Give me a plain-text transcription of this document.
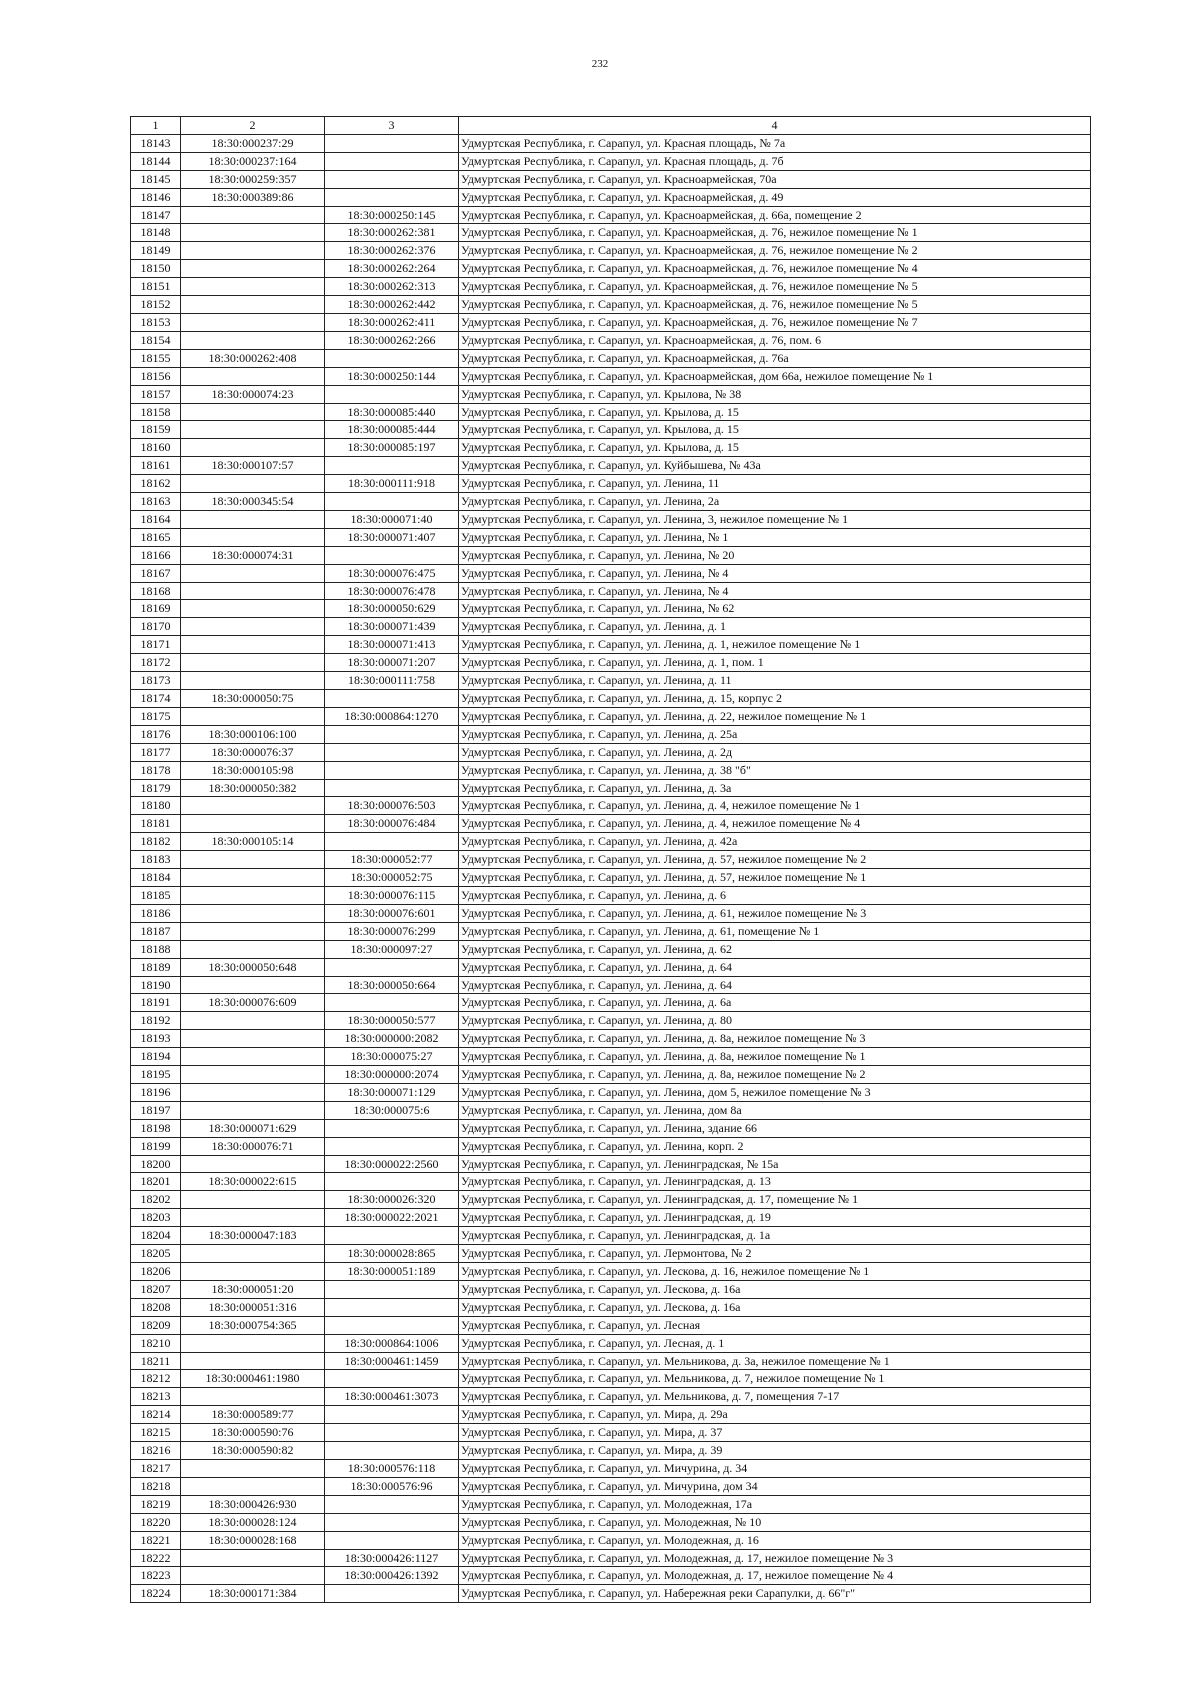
232
1	2	3	4
18143	18:30:000237:29		Удмуртская Республика, г. Сарапул, ул. Красная площадь, № 7а
18144	18:30:000237:164		Удмуртская Республика, г. Сарапул, ул. Красная площадь, д. 7б
18145	18:30:000259:357		Удмуртская Республика, г. Сарапул, ул. Красноармейская, 70а
18146	18:30:000389:86		Удмуртская Республика, г. Сарапул, ул. Красноармейская, д. 49
18147		18:30:000250:145	Удмуртская Республика, г. Сарапул, ул. Красноармейская, д. 66а, помещение 2
18148		18:30:000262:381	Удмуртская Республика, г. Сарапул, ул. Красноармейская, д. 76, нежилое помещение № 1
18149		18:30:000262:376	Удмуртская Республика, г. Сарапул, ул. Красноармейская, д. 76, нежилое помещение № 2
18150		18:30:000262:264	Удмуртская Республика, г. Сарапул, ул. Красноармейская, д. 76, нежилое помещение № 4
18151		18:30:000262:313	Удмуртская Республика, г. Сарапул, ул. Красноармейская, д. 76, нежилое помещение № 5
18152		18:30:000262:442	Удмуртская Республика, г. Сарапул, ул. Красноармейская, д. 76, нежилое помещение № 5
18153		18:30:000262:411	Удмуртская Республика, г. Сарапул, ул. Красноармейская, д. 76, нежилое помещение № 7
18154		18:30:000262:266	Удмуртская Республика, г. Сарапул, ул. Красноармейская, д. 76, пом. 6
18155	18:30:000262:408		Удмуртская Республика, г. Сарапул, ул. Красноармейская, д. 76а
18156		18:30:000250:144	Удмуртская Республика, г. Сарапул, ул. Красноармейская, дом 66а, нежилое помещение № 1
18157	18:30:000074:23		Удмуртская Республика, г. Сарапул, ул. Крылова, № 38
18158		18:30:000085:440	Удмуртская Республика, г. Сарапул, ул. Крылова, д. 15
18159		18:30:000085:444	Удмуртская Республика, г. Сарапул, ул. Крылова, д. 15
18160		18:30:000085:197	Удмуртская Республика, г. Сарапул, ул. Крылова, д. 15
18161	18:30:000107:57		Удмуртская Республика, г. Сарапул, ул. Куйбышева, № 43а
18162		18:30:000111:918	Удмуртская Республика, г. Сарапул, ул. Ленина, 11
18163	18:30:000345:54		Удмуртская Республика, г. Сарапул, ул. Ленина, 2а
18164		18:30:000071:40	Удмуртская Республика, г. Сарапул, ул. Ленина, 3, нежилое помещение № 1
18165		18:30:000071:407	Удмуртская Республика, г. Сарапул, ул. Ленина, № 1
18166	18:30:000074:31		Удмуртская Республика, г. Сарапул, ул. Ленина, № 20
18167		18:30:000076:475	Удмуртская Республика, г. Сарапул, ул. Ленина, № 4
18168		18:30:000076:478	Удмуртская Республика, г. Сарапул, ул. Ленина, № 4
18169		18:30:000050:629	Удмуртская Республика, г. Сарапул, ул. Ленина, № 62
18170		18:30:000071:439	Удмуртская Республика, г. Сарапул, ул. Ленина, д. 1
18171		18:30:000071:413	Удмуртская Республика, г. Сарапул, ул. Ленина, д. 1, нежилое помещение № 1
18172		18:30:000071:207	Удмуртская Республика, г. Сарапул, ул. Ленина, д. 1, пом. 1
18173		18:30:000111:758	Удмуртская Республика, г. Сарапул, ул. Ленина, д. 11
18174	18:30:000050:75		Удмуртская Республика, г. Сарапул, ул. Ленина, д. 15, корпус 2
18175		18:30:000864:1270	Удмуртская Республика, г. Сарапул, ул. Ленина, д. 22, нежилое помещение № 1
18176	18:30:000106:100		Удмуртская Республика, г. Сарапул, ул. Ленина, д. 25а
18177	18:30:000076:37		Удмуртская Республика, г. Сарапул, ул. Ленина, д. 2д
18178	18:30:000105:98		Удмуртская Республика, г. Сарапул, ул. Ленина, д. 38 "б"
18179	18:30:000050:382		Удмуртская Республика, г. Сарапул, ул. Ленина, д. 3а
18180		18:30:000076:503	Удмуртская Республика, г. Сарапул, ул. Ленина, д. 4, нежилое помещение № 1
18181		18:30:000076:484	Удмуртская Республика, г. Сарапул, ул. Ленина, д. 4, нежилое помещение № 4
18182	18:30:000105:14		Удмуртская Республика, г. Сарапул, ул. Ленина, д. 42а
18183		18:30:000052:77	Удмуртская Республика, г. Сарапул, ул. Ленина, д. 57, нежилое помещение № 2
18184		18:30:000052:75	Удмуртская Республика, г. Сарапул, ул. Ленина, д. 57, нежилое помещение № 1
18185		18:30:000076:115	Удмуртская Республика, г. Сарапул, ул. Ленина, д. 6
18186		18:30:000076:601	Удмуртская Республика, г. Сарапул, ул. Ленина, д. 61, нежилое помещение № 3
18187		18:30:000076:299	Удмуртская Республика, г. Сарапул, ул. Ленина, д. 61, помещение № 1
18188		18:30:000097:27	Удмуртская Республика, г. Сарапул, ул. Ленина, д. 62
18189	18:30:000050:648		Удмуртская Республика, г. Сарапул, ул. Ленина, д. 64
18190		18:30:000050:664	Удмуртская Республика, г. Сарапул, ул. Ленина, д. 64
18191	18:30:000076:609		Удмуртская Республика, г. Сарапул, ул. Ленина, д. 6а
18192		18:30:000050:577	Удмуртская Республика, г. Сарапул, ул. Ленина, д. 80
18193		18:30:000000:2082	Удмуртская Республика, г. Сарапул, ул. Ленина, д. 8а, нежилое помещение № 3
18194		18:30:000075:27	Удмуртская Республика, г. Сарапул, ул. Ленина, д. 8а, нежилое помещение № 1
18195		18:30:000000:2074	Удмуртская Республика, г. Сарапул, ул. Ленина, д. 8а, нежилое помещение № 2
18196		18:30:000071:129	Удмуртская Республика, г. Сарапул, ул. Ленина, дом 5, нежилое помещение № 3
18197		18:30:000075:6	Удмуртская Республика, г. Сарапул, ул. Ленина, дом 8а
18198	18:30:000071:629		Удмуртская Республика, г. Сарапул, ул. Ленина, здание 66
18199	18:30:000076:71		Удмуртская Республика, г. Сарапул, ул. Ленина, корп. 2
18200		18:30:000022:2560	Удмуртская Республика, г. Сарапул, ул. Ленинградская, № 15а
18201	18:30:000022:615		Удмуртская Республика, г. Сарапул, ул. Ленинградская, д. 13
18202		18:30:000026:320	Удмуртская Республика, г. Сарапул, ул. Ленинградская, д. 17, помещение № 1
18203		18:30:000022:2021	Удмуртская Республика, г. Сарапул, ул. Ленинградская, д. 19
18204	18:30:000047:183		Удмуртская Республика, г. Сарапул, ул. Ленинградская, д. 1а
18205		18:30:000028:865	Удмуртская Республика, г. Сарапул, ул. Лермонтова, № 2
18206		18:30:000051:189	Удмуртская Республика, г. Сарапул, ул. Лескова, д. 16, нежилое помещение № 1
18207	18:30:000051:20		Удмуртская Республика, г. Сарапул, ул. Лескова, д. 16а
18208	18:30:000051:316		Удмуртская Республика, г. Сарапул, ул. Лескова, д. 16а
18209	18:30:000754:365		Удмуртская Республика, г. Сарапул, ул. Лесная
18210		18:30:000864:1006	Удмуртская Республика, г. Сарапул, ул. Лесная, д. 1
18211		18:30:000461:1459	Удмуртская Республика, г. Сарапул, ул. Мельникова, д. 3а, нежилое помещение № 1
18212	18:30:000461:1980		Удмуртская Республика, г. Сарапул, ул. Мельникова, д. 7, нежилое помещение № 1
18213		18:30:000461:3073	Удмуртская Республика, г. Сарапул, ул. Мельникова, д. 7, помещения 7-17
18214	18:30:000589:77		Удмуртская Республика, г. Сарапул, ул. Мира, д. 29а
18215	18:30:000590:76		Удмуртская Республика, г. Сарапул, ул. Мира, д. 37
18216	18:30:000590:82		Удмуртская Республика, г. Сарапул, ул. Мира, д. 39
18217		18:30:000576:118	Удмуртская Республика, г. Сарапул, ул. Мичурина, д. 34
18218		18:30:000576:96	Удмуртская Республика, г. Сарапул, ул. Мичурина, дом 34
18219	18:30:000426:930		Удмуртская Республика, г. Сарапул, ул. Молодежная, 17а
18220	18:30:000028:124		Удмуртская Республика, г. Сарапул, ул. Молодежная, № 10
18221	18:30:000028:168		Удмуртская Республика, г. Сарапул, ул. Молодежная, д. 16
18222		18:30:000426:1127	Удмуртская Республика, г. Сарапул, ул. Молодежная, д. 17, нежилое помещение № 3
18223		18:30:000426:1392	Удмуртская Республика, г. Сарапул, ул. Молодежная, д. 17, нежилое помещение № 4
18224	18:30:000171:384		Удмуртская Республика, г. Сарапул, ул. Набережная реки Сарапулки, д. 66"г"
